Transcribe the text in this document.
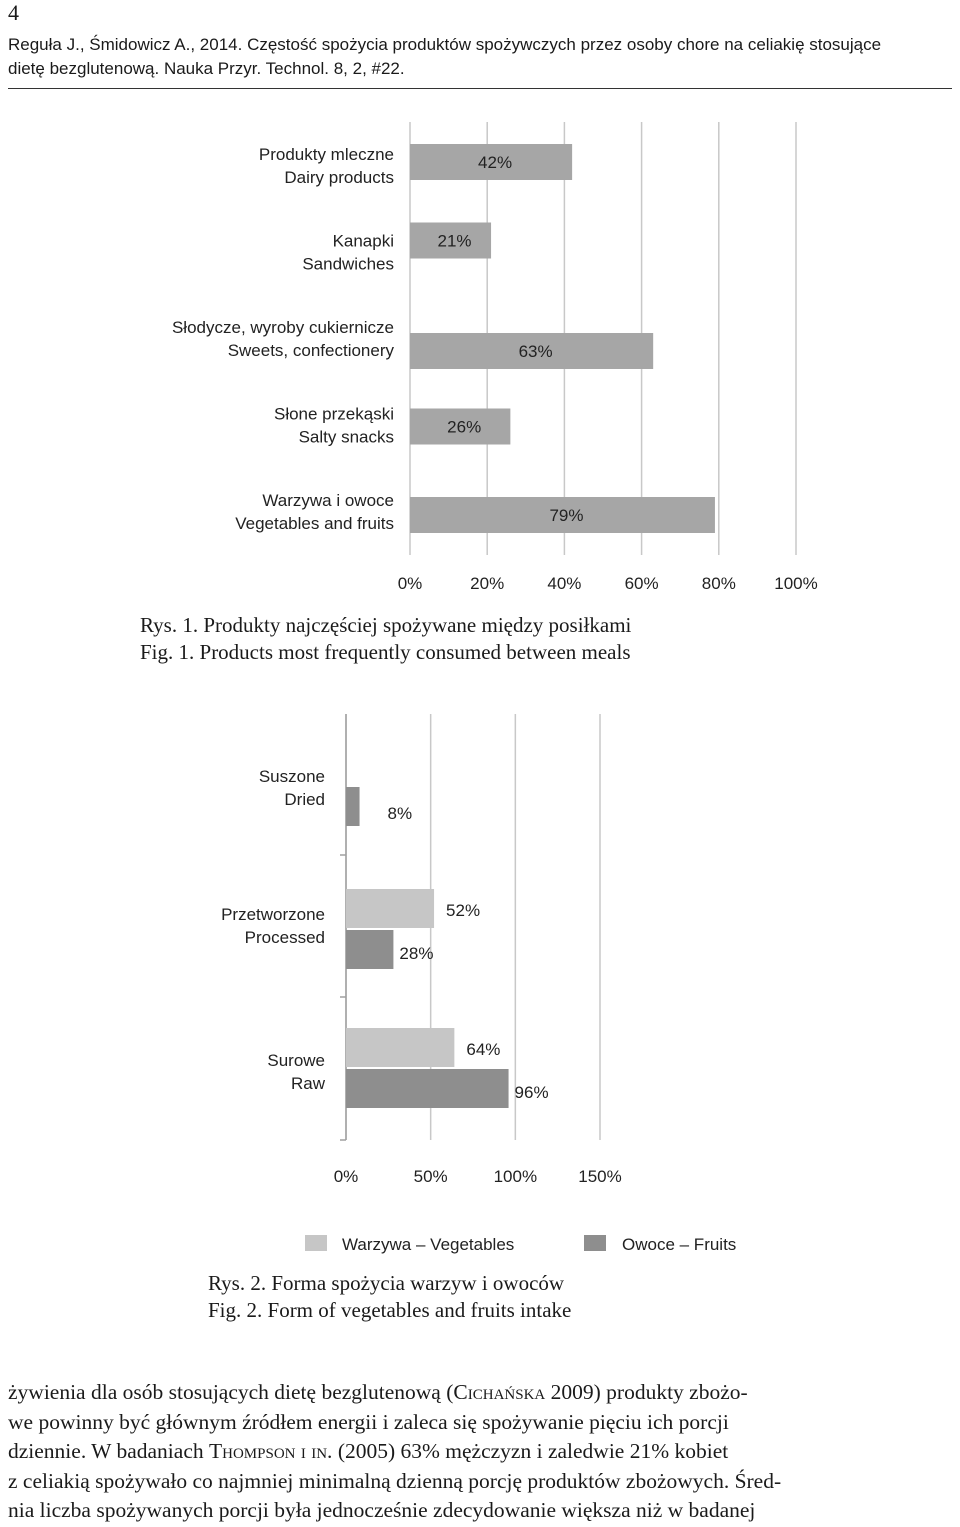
4
Reguła J., Śmidowicz A., 2014. Częstość spożycia produktów spożywczych przez osoby chore na celiakię stosujące
dietę bezglutenową. Nauka Przyr. Technol. 8, 2, #22.
0%	20%	40%	60%	80% 100%
42%
Produkty mleczne
Dairy products
21%
Kanapki
Sandwiches
63%
Słodycze, wyroby cukiernicze
Sweets, confectionery
26%
Słone przekąski
Salty snacks
79%
Warzywa i owoce
Vegetables and fruits
Rys. 1. Produkty najczęściej spożywane między posiłkami
Fig. 1. Products most frequently consumed between meals
0%	50%	100% 150%
8%
Suszone
Dried
52%
28%
Przetworzone
Processed
64%
96%
Surowe
Raw
Warzywa – Vegetables	Owoce – Fruits
Rys. 2. Forma spożycia warzyw i owoców
Fig. 2. Form of vegetables and fruits intake

żywienia dla osób stosujących dietę bezglutenową (Cichańska 2009) produkty zbożo-

we powinny być głównym źródłem energii i zaleca się spożywanie pięciu ich porcji

dziennie. W badaniach Thompson i in. (2005) 63% mężczyzn i zaledwie 21% kobiet

z celiakią spożywało co najmniej minimalną dzienną porcję produktów zbożowych. Śred-

nia liczba spożywanych porcji była jednocześnie zdecydowanie większa niż w badanej
